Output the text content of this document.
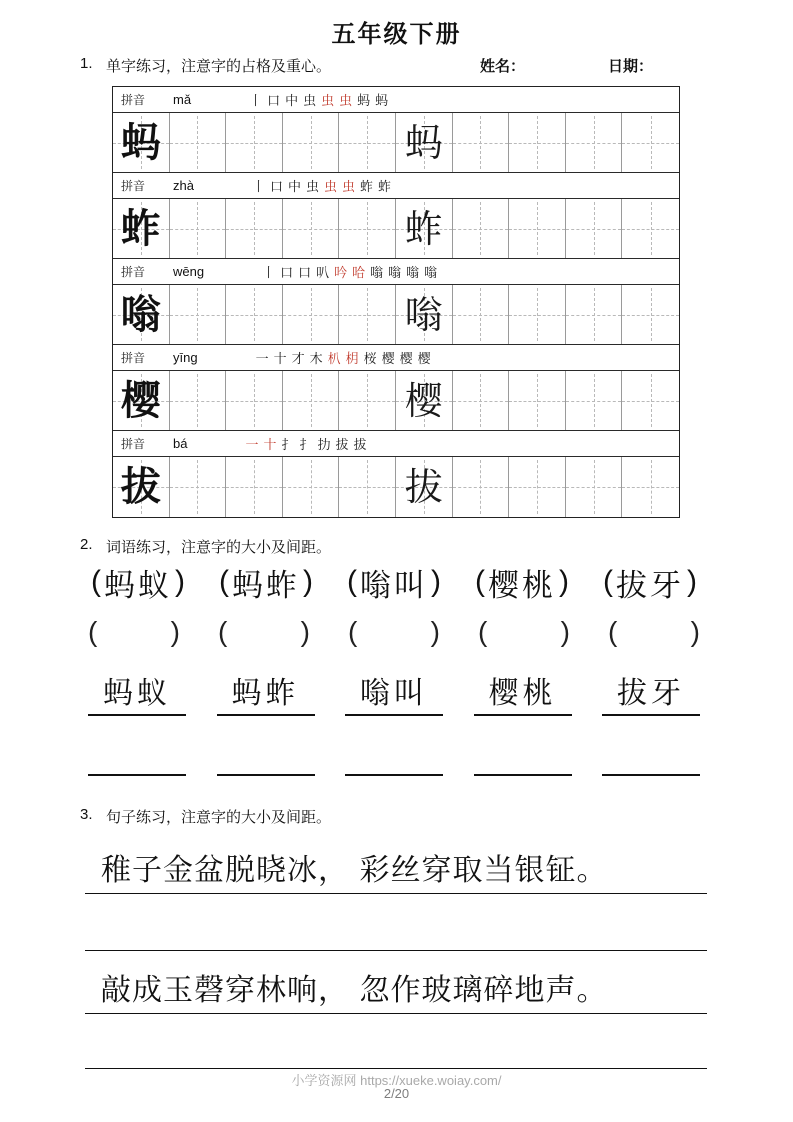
五年级下册
1. 单字练习，注意字的占格及重心。	姓名：	日期：
拼音 mǎ	丨口中虫虫虫蚂蚂
蚂	蚂
拼音 zhà	丨口中虫虫虫蚱蚱
蚱	蚱
拼音 wēng	丨口口叭吟哈嗡嗡嗡嗡
嗡	嗡
拼音 yīng	一十才木朳枂桜樱樱樱
樱	樱
拼音 bá	一十扌扌扐拔拔
拔	拔
2. 词语练习，注意字的大小及间距。
( 蚂蚁 ) ( 蚂蚱 ) ( 嗡叫 ) ( 樱桃 ) ( 拔牙 )
(	) (	) (	) (	) (	)
蚂蚁	蚂蚱	嗡叫	樱桃	拔牙
3. 句子练习，注意字的大小及间距。
稚子金盆脱晓冰， 彩丝穿取当银钲。
敲成玉磬穿林响， 忽作玻璃碎地声。
小学资源网 https://xueke.woiay.com/
2/20
